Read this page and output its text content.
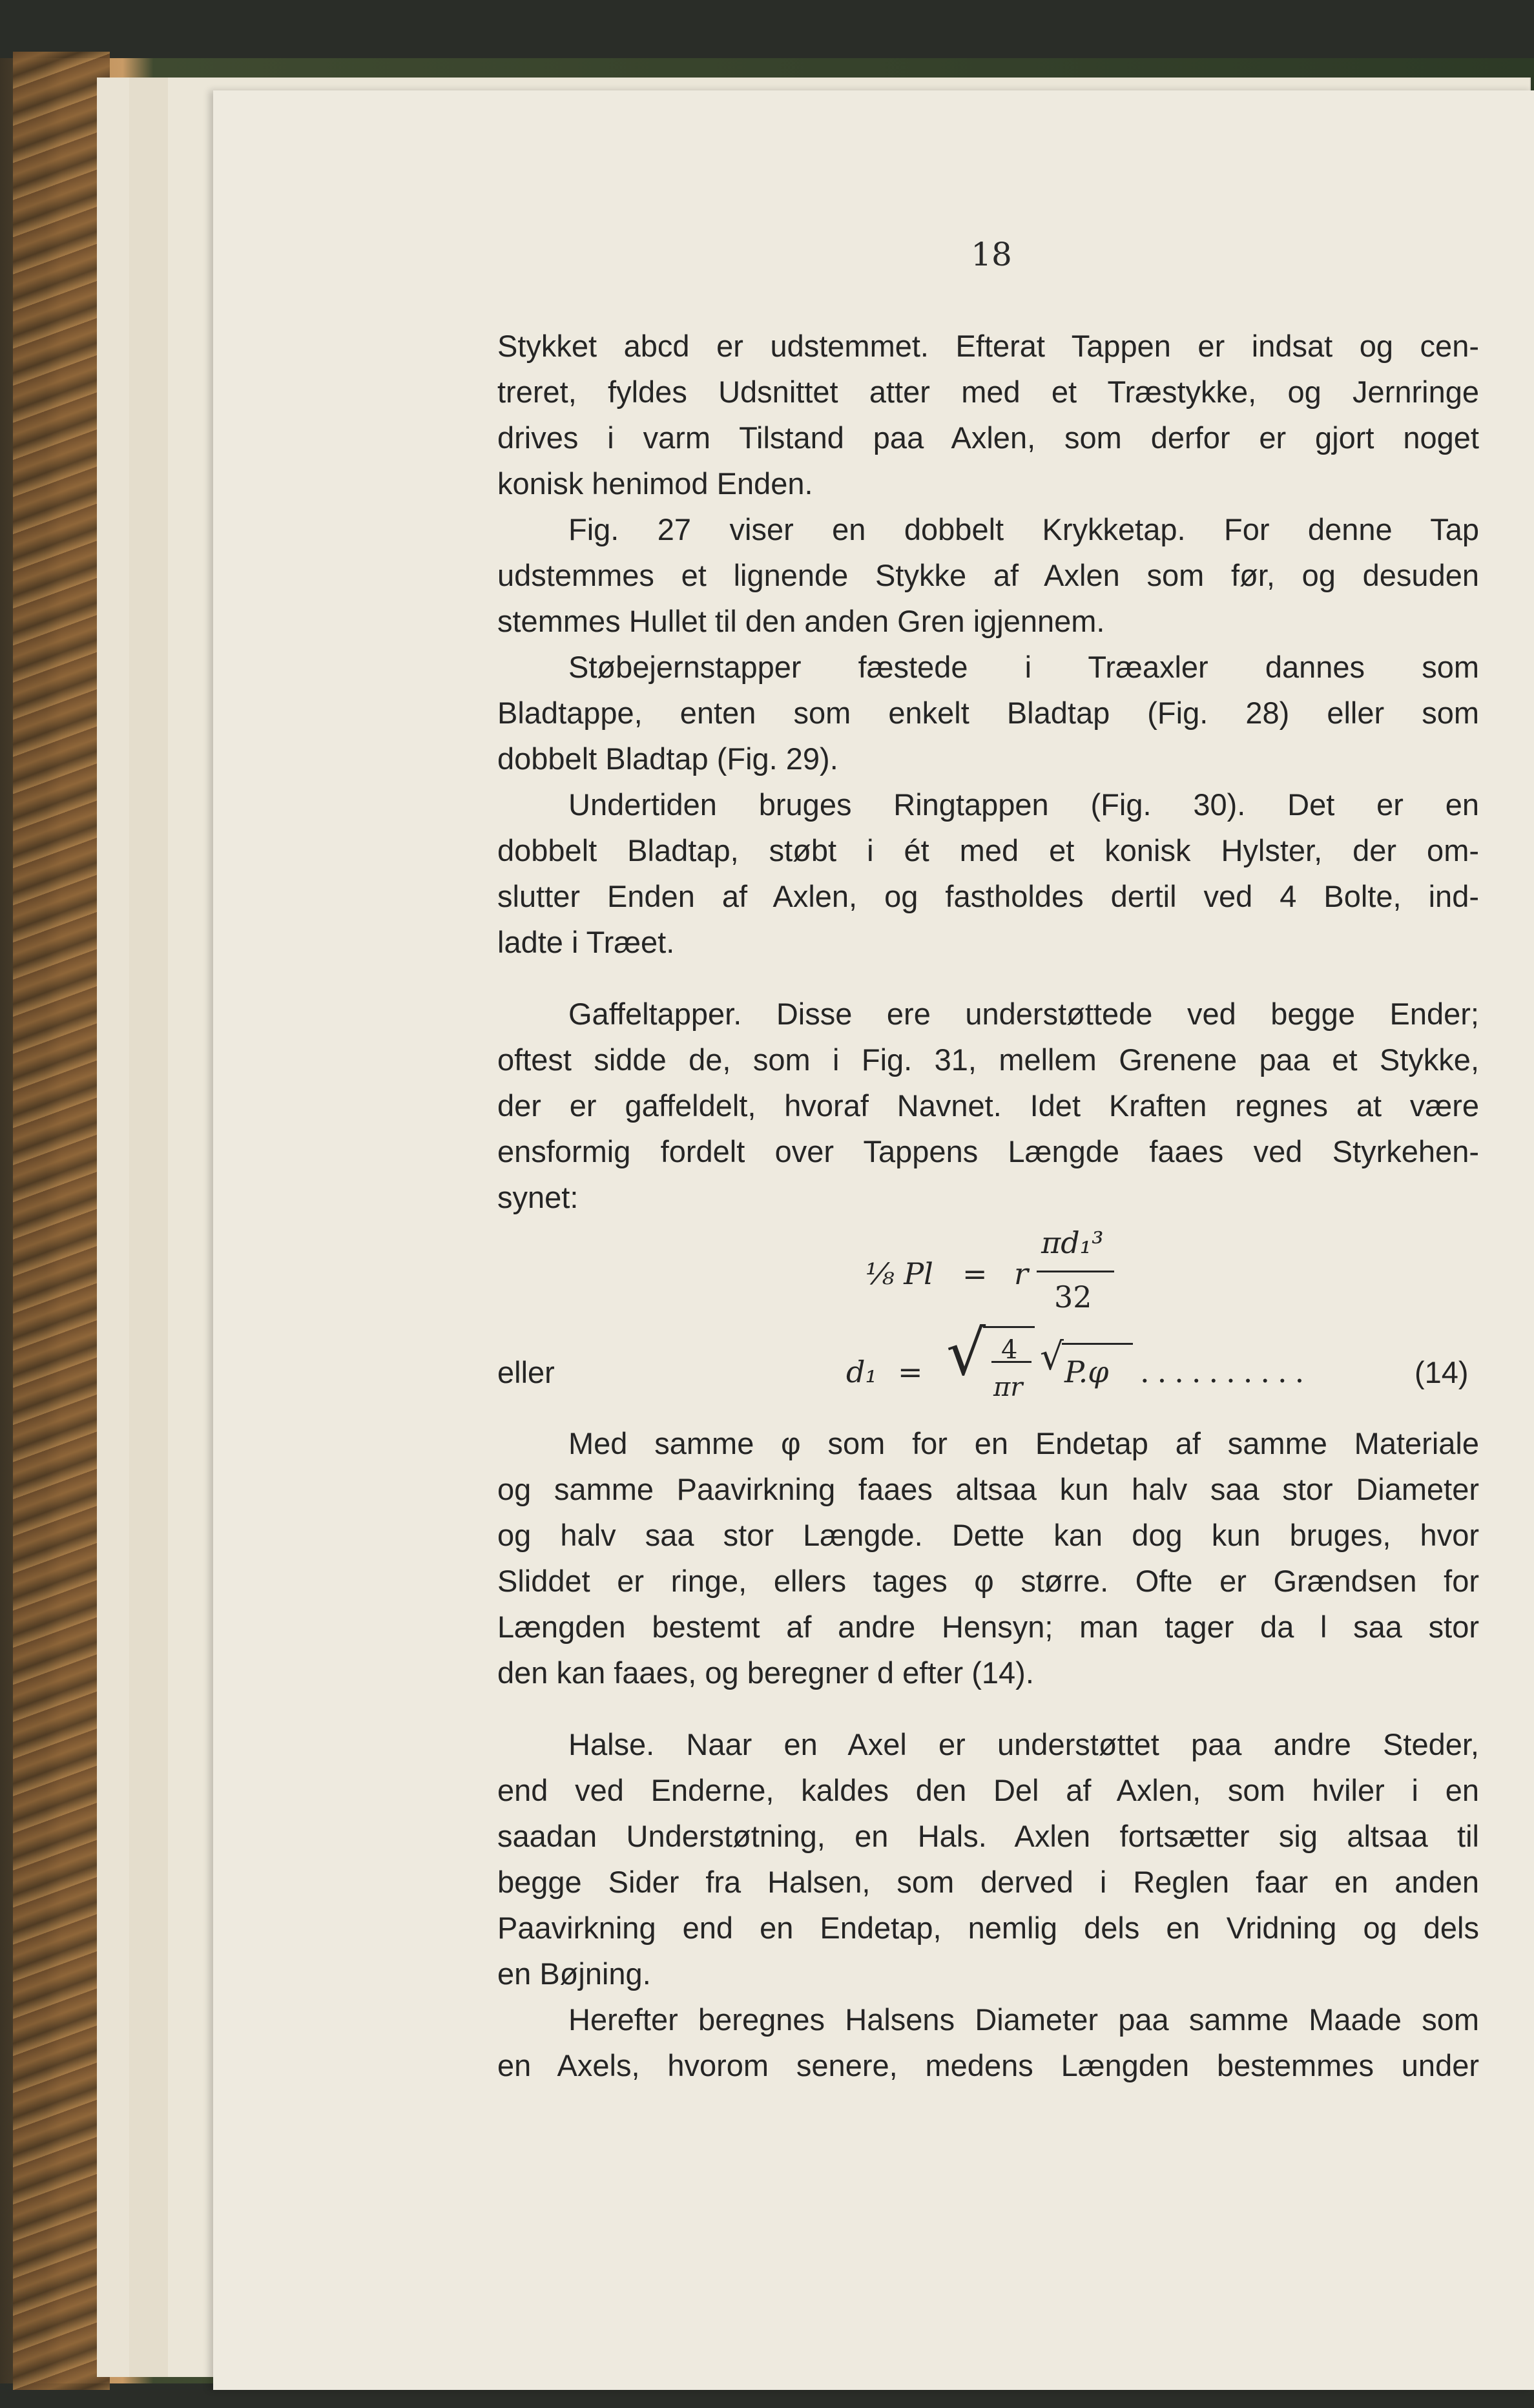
18
Stykket abcd er udstemmet. Efterat Tappen er indsat og cen-
treret, fyldes Udsnittet atter med et Træstykke, og Jernringe
drives i varm Tilstand paa Axlen, som derfor er gjort noget
konisk henimod Enden.
Fig. 27 viser en dobbelt Krykketap. For denne Tap
udstemmes et lignende Stykke af Axlen som før, og desuden
stemmes Hullet til den anden Gren igjennem.
Støbejernstapper fæstede i Træaxler dannes som
Bladtappe, enten som enkelt Bladtap (Fig. 28) eller som
dobbelt Bladtap (Fig. 29).
Undertiden bruges Ringtappen (Fig. 30). Det er en
dobbelt Bladtap, støbt i ét med et konisk Hylster, der om-
slutter Enden af Axlen, og fastholdes dertil ved 4 Bolte, ind-
ladte i Træet.
Gaffeltapper. Disse ere understøttede ved begge Ender;
oftest sidde de, som i Fig. 31, mellem Grenene paa et Stykke,
der er gaffeldelt, hvoraf Navnet. Idet Kraften regnes at være
ensformig fordelt over Tappens Længde faaes ved Styrkehen-
synet:
⅛ Pl = r
πd₁³
32
eller	d₁ = √ 4
πr
√ P.φ ..........	(14)
Med samme φ som for en Endetap af samme Materiale
og samme Paavirkning faaes altsaa kun halv saa stor Diameter
og halv saa stor Længde. Dette kan dog kun bruges, hvor
Sliddet er ringe, ellers tages φ større. Ofte er Grændsen for
Længden bestemt af andre Hensyn; man tager da l saa stor
den kan faaes, og beregner d efter (14).
Halse. Naar en Axel er understøttet paa andre Steder,
end ved Enderne, kaldes den Del af Axlen, som hviler i en
saadan Understøtning, en Hals. Axlen fortsætter sig altsaa til
begge Sider fra Halsen, som derved i Reglen faar en anden
Paavirkning end en Endetap, nemlig dels en Vridning og dels
en Bøjning.
Herefter beregnes Halsens Diameter paa samme Maade som
en Axels, hvorom senere, medens Længden bestemmes under
